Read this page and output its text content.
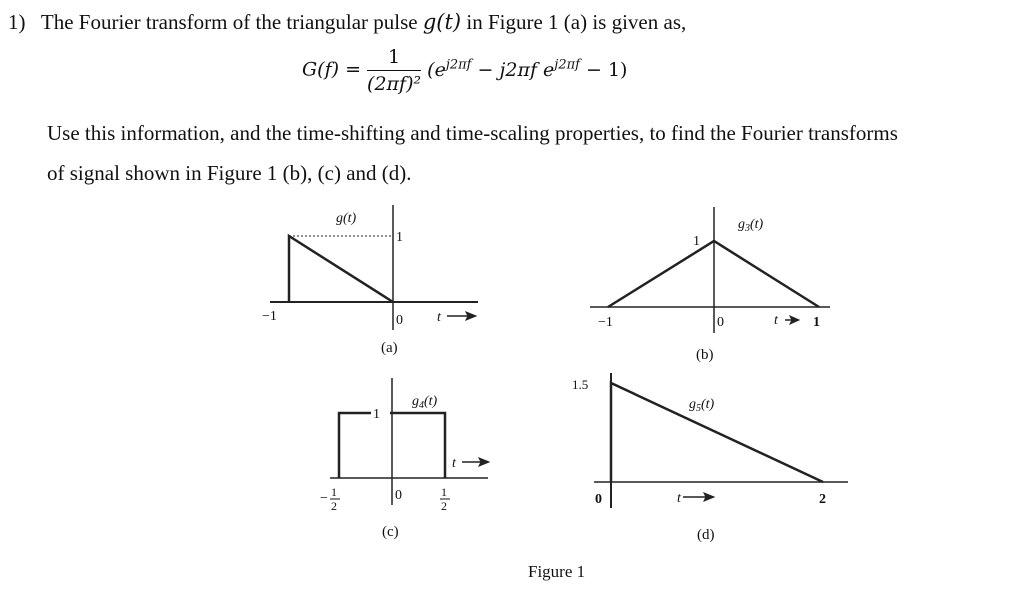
1) The Fourier transform of the triangular pulse g(t) in Figure 1 (a) is given as,
$G(f) = \frac{1}{\text{(2πf)²}} (e^{j2\pi f} - j2\pi f$ $e^{j2\pi f} - 1$)
Use this information, and the time-shifting and time-scaling properties, to find the Fourier transforms
of signal shown in Figure 1 (b), (c) and (d).
g(t)
1
−1	0 t
(a)
$g_3(t)$
1
−1	0	t	1
(b)
$g_4(t)$
1
0
t
− 1
2
1
2
(c)
$g_5(t)$
1.5
0	t	2
(d)
Figure 1
